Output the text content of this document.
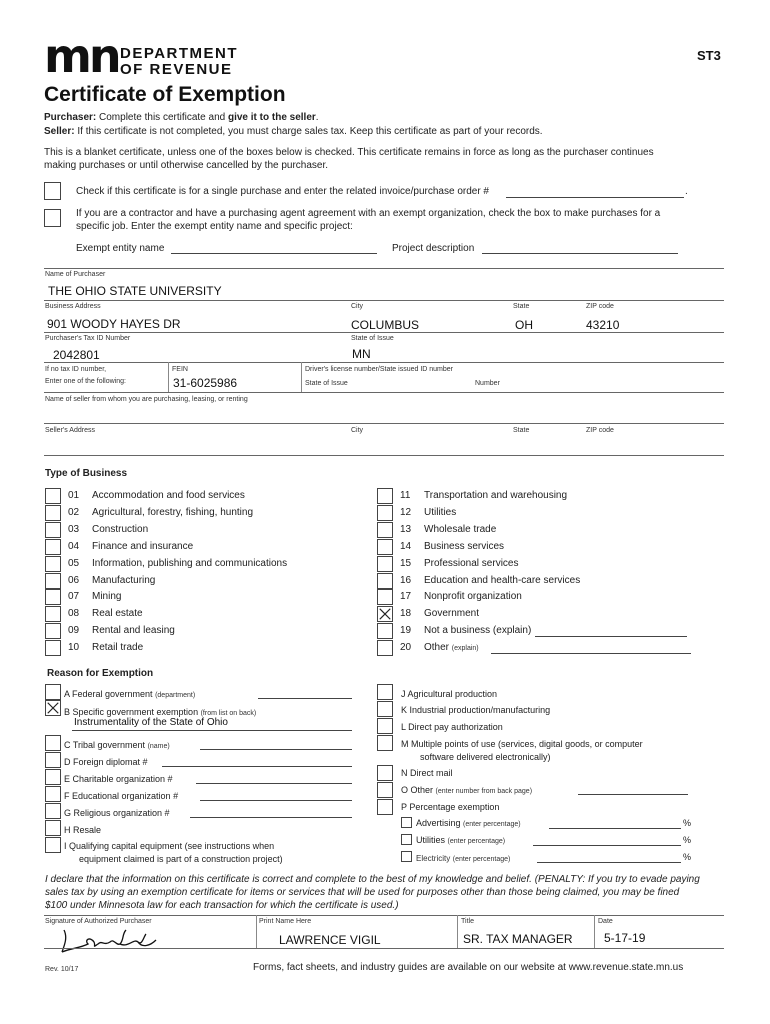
mn DEPARTMENT
OF REVENUE
ST3
Certificate of Exemption
Purchaser: Complete this certificate and give it to the seller.
Seller: If this certificate is not completed, you must charge sales tax. Keep this certificate as part of your records.
This is a blanket certificate, unless one of the boxes below is checked. This certificate remains in force as long as the purchaser continues
making purchases or until otherwise cancelled by the purchaser.
Check if this certificate is for a single purchase and enter the related invoice/purchase order #	.
If you are a contractor and have a purchasing agent agreement with an exempt organization, check the box to make purchases for a
specific job. Enter the exempt entity name and specific project:
Exempt entity name	Project description
Name of Purchaser
THE OHIO STATE UNIVERSITY
Business Address	City	State	ZIP code
901 WOODY HAYES DR	COLUMBUS	OH	43210
Purchaser's Tax ID Number	State of Issue
2042801	MN
If no tax ID number,
Enter one of the following:
FEIN
31-6025986
Driver's license number/State issued ID number
State of Issue	Number
Name of seller from whom you are purchasing, leasing, or renting
Seller's Address	City	State	ZIP code
Type of Business
01 Accommodation and food services
02 Agricultural, forestry, fishing, hunting
03 Construction
04 Finance and insurance
05 Information, publishing and communications
06 Manufacturing
07 Mining
08 Real estate
09 Rental and leasing
10 Retail trade
11 Transportation and warehousing
12 Utilities
13 Wholesale trade
14 Business services
15 Professional services
16 Education and health-care services
17 Nonprofit organization
18 Government
19 Not a business (explain)
20 Other (explain)
Reason for Exemption
A Federal government (department)
B Specific government exemption (from list on back)
Instrumentality of the State of Ohio
C Tribal government (name)
D Foreign diplomat #
E Charitable organization #
F Educational organization #
G Religious organization #
H Resale
I Qualifying capital equipment (see instructions when
equipment claimed is part of a construction project)
J Agricultural production
K Industrial production/manufacturing
L Direct pay authorization
M Multiple points of use (services, digital goods, or computer
software delivered electronically)
N Direct mail
O Other (enter number from back page)
P Percentage exemption
Advertising (enter percentage)	%
Utilities (enter percentage)	%
Electricity (enter percentage)	%
I declare that the information on this certificate is correct and complete to the best of my knowledge and belief. (PENALTY: If you try to evade paying
sales tax by using an exemption certificate for items or services that will be used for purposes other than those being claimed, you may be fined
$100 under Minnesota law for each transaction for which the certificate is used.)
Signature of Authorized Purchaser	Print Name Here
LAWRENCE VIGIL
Title
SR. TAX MANAGER
Date
5-17-19
Rev. 10/17	Forms, fact sheets, and industry guides are available on our website at www.revenue.state.mn.us
